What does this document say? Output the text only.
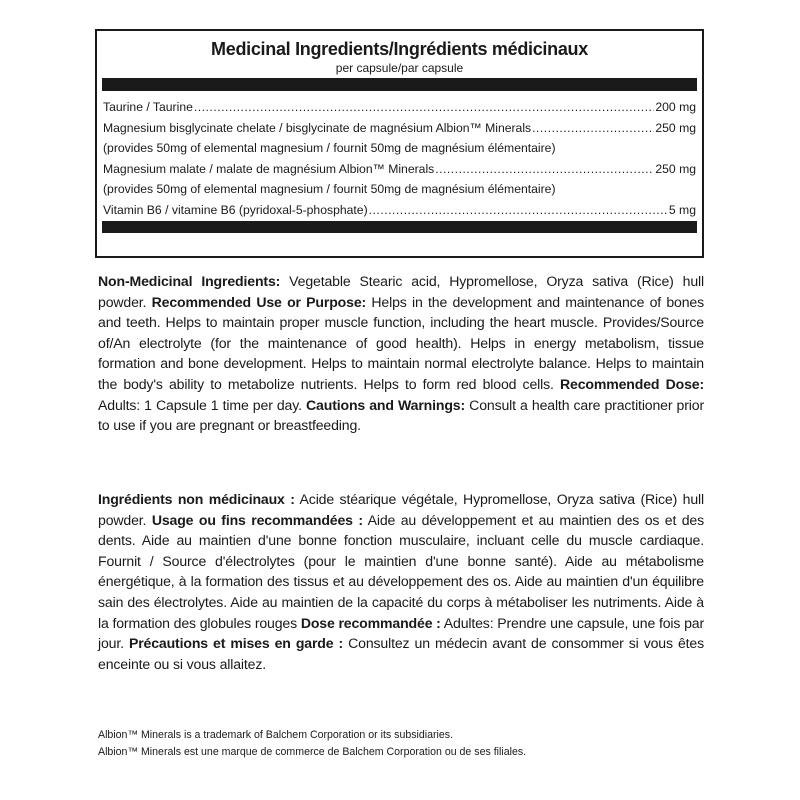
Medicinal Ingredients/Ingrédients médicinaux
per capsule/par capsule
Taurine / Taurine .....	200 mg
Magnesium bisglycinate chelate / bisglycinate de magnésium Albion™ Minerals .....	250 mg
(provides 50mg of elemental magnesium / fournit 50mg de magnésium élémentaire)
Magnesium malate / malate de magnésium Albion™ Minerals .....	250 mg
(provides 50mg of elemental magnesium / fournit 50mg de magnésium élémentaire)
Vitamin B6 / vitamine B6 (pyridoxal-5-phosphate) .....	5 mg
Non-Medicinal Ingredients: Vegetable Stearic acid, Hypromellose, Oryza sativa (Rice) hull powder. Recommended Use or Purpose: Helps in the development and maintenance of bones and teeth. Helps to maintain proper muscle function, including the heart muscle. Provides/Source of/An electrolyte (for the maintenance of good health). Helps in energy metabolism, tissue formation and bone development. Helps to maintain normal electrolyte balance. Helps to maintain the body's ability to metabolize nutrients. Helps to form red blood cells. Recommended Dose: Adults: 1 Capsule 1 time per day. Cautions and Warnings: Consult a health care practitioner prior to use if you are pregnant or breastfeeding.
Ingrédients non médicinaux : Acide stéarique végétale, Hypromellose, Oryza sativa (Rice) hull powder. Usage ou fins recommandées : Aide au développement et au maintien des os et des dents. Aide au maintien d'une bonne fonction musculaire, incluant celle du muscle cardiaque. Fournit / Source d'électrolytes (pour le maintien d'une bonne santé). Aide au métabolisme énergétique, à la formation des tissus et au développement des os. Aide au maintien d'un équilibre sain des électrolytes. Aide au maintien de la capacité du corps à métaboliser les nutriments. Aide à la formation des globules rouges Dose recommandée : Adultes: Prendre une capsule, une fois par jour. Précautions et mises en garde : Consultez un médecin avant de consommer si vous êtes enceinte ou si vous allaitez.
Albion™ Minerals is a trademark of Balchem Corporation or its subsidiaries.
Albion™ Minerals est une marque de commerce de Balchem Corporation ou de ses filiales.
